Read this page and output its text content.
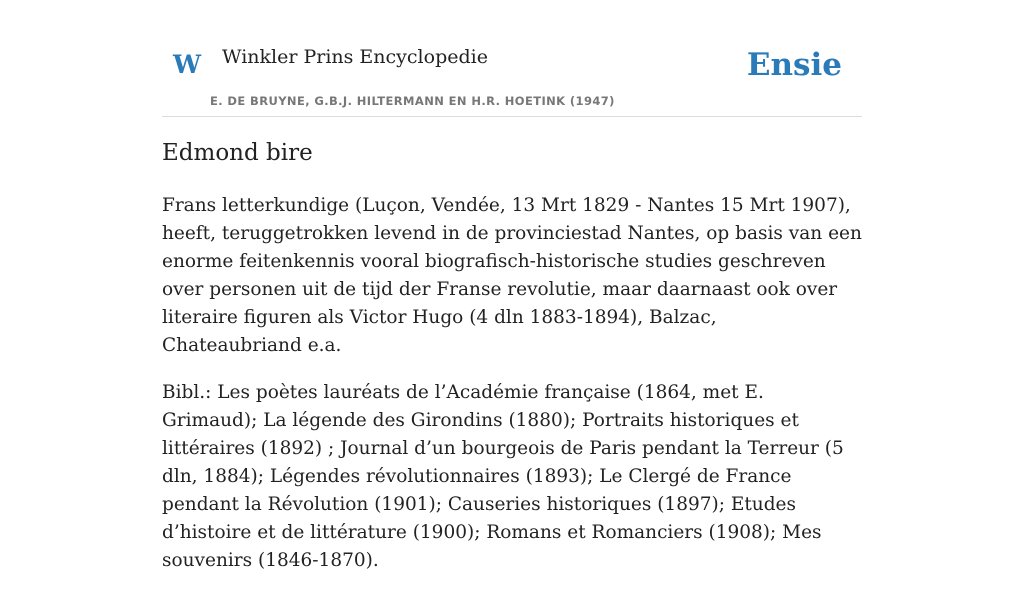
W Winkler Prins Encyclopedie	Ensie
E. DE BRUYNE, G.B.J. HILTERMANN EN H.R. HOETINK (1947)
Edmond bire

Frans letterkundige (Luçon, Vendée, 13 Mrt 1829 - Nantes 15 Mrt 1907), heeft, teruggetrokken levend in de provinciestad Nantes, op basis van een enorme feitenkennis vooral biografisch-historische studies geschreven over personen uit de tijd der Franse revolutie, maar daarnaast ook over literaire figuren als Victor Hugo (4 dln 1883-1894), Balzac, Chateaubriand e.a.

Bibl.: Les poètes lauréats de l’Académie française (1864, met E. Grimaud); La légende des Girondins (1880); Portraits historiques et littéraires (1892) ; Journal d’un bourgeois de Paris pendant la Terreur (5 dln, 1884); Légendes révolutionnaires (1893); Le Clergé de France pendant la Révolution (1901); Causeries historiques (1897); Etudes d’histoire et de littérature (1900); Romans et Romanciers (1908); Mes souvenirs (1846-1870).
